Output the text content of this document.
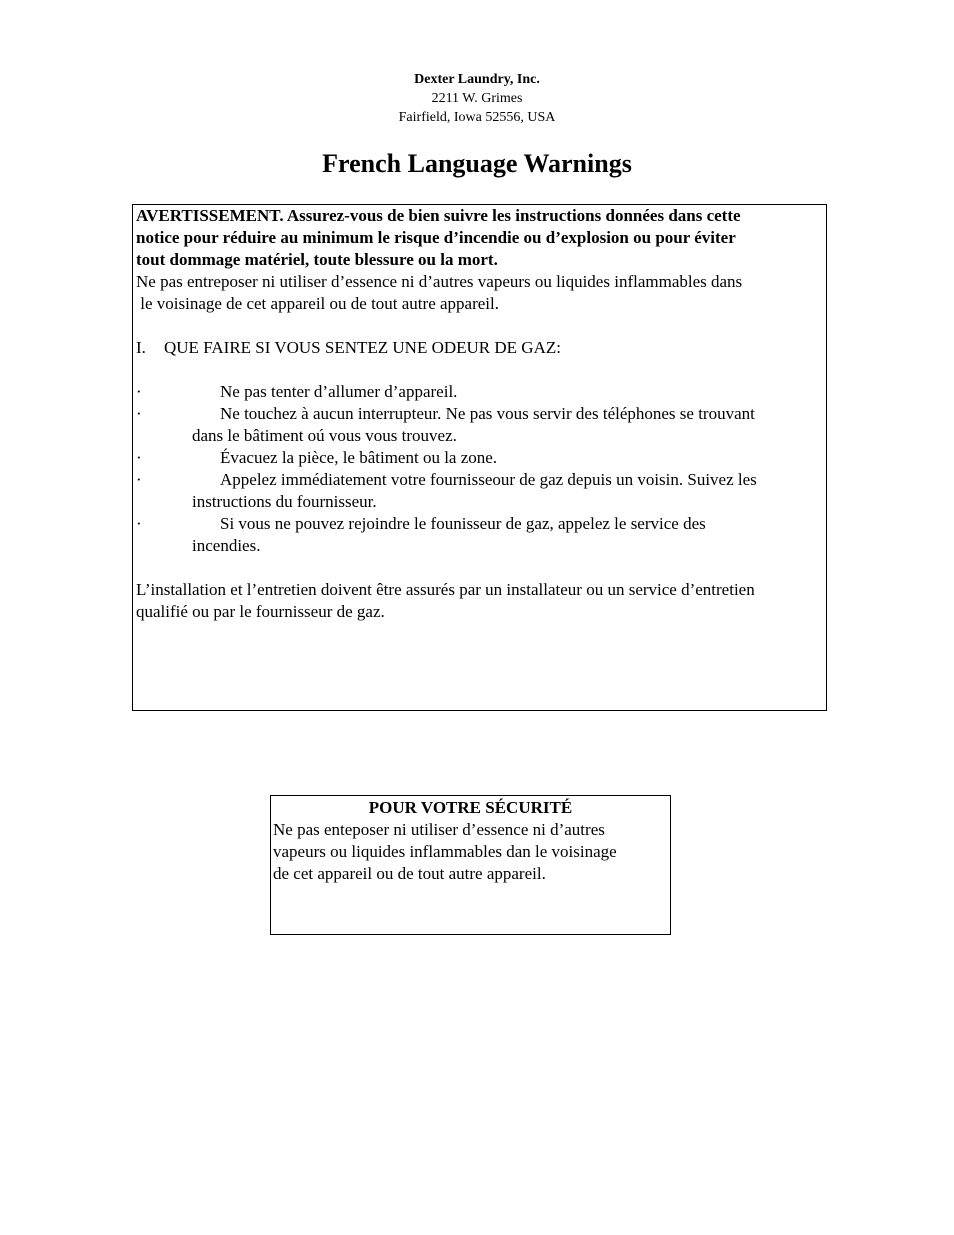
Dexter Laundry, Inc.
2211 W. Grimes
Fairfield, Iowa 52556, USA
French Language Warnings
AVERTISSEMENT. Assurez-vous de bien suivre les instructions données dans cette
notice pour réduire au minimum le risque d’incendie ou d’explosion ou pour éviter
tout dommage matériel, toute blessure ou la mort.
Ne pas entreposer ni utiliser d’essence ni d’autres vapeurs ou liquides inflammables dans
le voisinage de cet appareil ou de tout autre appareil.
I. QUE FAIRE SI VOUS SENTEZ UNE ODEUR DE GAZ:
·	Ne pas tenter d’allumer d’appareil.
·	Ne touchez à aucun interrupteur. Ne pas vous servir des téléphones se trouvant
dans le bâtiment oú vous vous trouvez.
·	Évacuez la pièce, le bâtiment ou la zone.
·	Appelez immédiatement votre fournisseour de gaz depuis un voisin. Suivez les
instructions du fournisseur.
·	Si vous ne pouvez rejoindre le founisseur de gaz, appelez le service des
incendies.
L’installation et l’entretien doivent être assurés par un installateur ou un service d’entretien
qualifié ou par le fournisseur de gaz.
POUR VOTRE SÉCURITÉ
Ne pas enteposer ni utiliser d’essence ni d’autres
vapeurs ou liquides inflammables dan le voisinage
de cet appareil ou de tout autre appareil.
